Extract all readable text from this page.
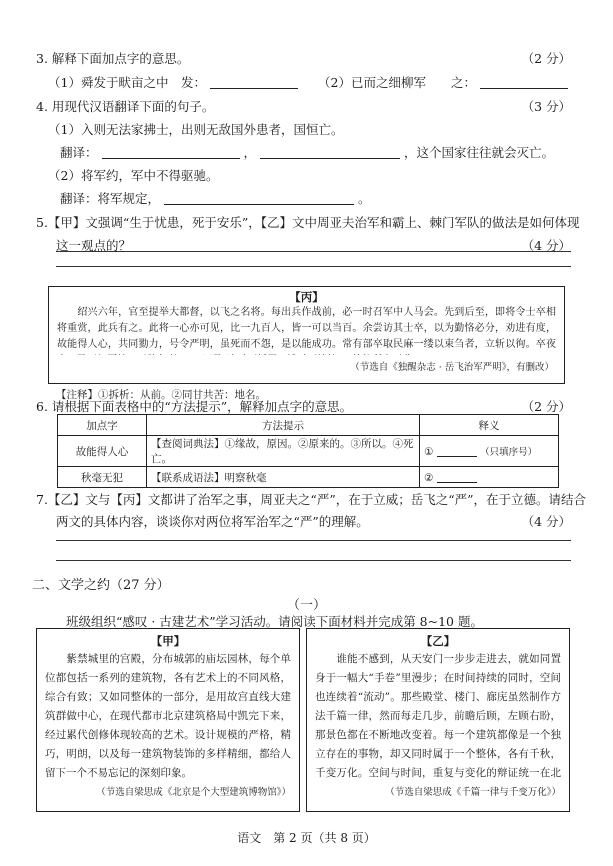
3. 解释下面加点字的意思。	（2 分）
（1）舜发于畎亩之中　发：	（2）已而之细柳军　　之：
4. 用现代汉语翻译下面的句子。	（3 分）
（1）入则无法家拂士，出则无敌国外患者，国恒亡。
翻译：	，	，这个国家往往就会灭亡。
（2）将军约，军中不得驱驰。
翻译：将军规定，	。
5.【甲】文强调“生于忧患，死于安乐”，【乙】文中周亚夫治军和霸上、棘门军队的做法是如何体现
这一观点的？	（4 分）
【丙】
　　绍兴六年，官至提举大都督，以飞之名将。每出兵作战前，必一时召军中人马会。先到后至，即将令士卒相将重赏，此兵有之。此将一心亦可见，比一九百人，皆一可以当百。余尝访其士卒，以为勤恪必分，劝进有度，故能得人心，共同勠力，号令严明，虽死而不怨，是以能成功。常有部卒取民麻一缕以束刍者，立斩以徇。卒夜
（节选自《独醒杂志 · 岳飞治军严明》，有删改）
【注释】①拆析：从前。②同甘共苦：地名。
6. 请根据下面表格中的“方法提示”，解释加点字的意思。	（2 分）
加点字	方法提示	释义
故能得人心	【查阅词典法】①缘故，原因。②原来的。③所以。④死亡。	① （只填序号）
秋毫无犯	【联系成语法】明察秋毫	②
7.【乙】文与【丙】文都讲了治军之事，周亚夫之“严”，在于立威；岳飞之“严”，在于立德。请结合
两文的具体内容，谈谈你对两位将军治军之“严”的理解。	（4 分）
二、文学之约（27 分）
（一）
班级组织“感叹 · 古建艺术”学习活动。请阅读下面材料并完成第 8~10 题。
【甲】
　　紫禁城里的宫殿，分布城郭的庙坛园林，每个单位都包括一系列的建筑物，各有艺术上的不同风格，综合有致；又如同整体的一部分，是用故宫直线大建筑群做中心，在现代都市北京建筑格局中凯完下来，经过累代创修体现较高的艺术。设计规模的严格，精巧，明朗，以及每一建筑物装饰的多样精细，都给人留下一个不易忘记的深刻印象。
（节选自梁思成《北京是个大型建筑博物馆》）
【乙】
　　谁能不感到，从天安门一步步走进去，就如同置身于一幅大“手卷”里漫步；在时间持续的同时，空间也连续着“流动”。那些殿堂、楼门、廊庑虽然制作方法千篇一律，然而每走几步，前瞻后顾，左顾右盼，那景色都在不断地改变着。每一个建筑都像是一个独立存在的事物，却又同时属于一个整体，各有千秋，千变万化。空间与时间，重复与变化的辩证统一在北
（节选自梁思成《千篇一律与千变万化》）
语文　第 2 页（共 8 页）
